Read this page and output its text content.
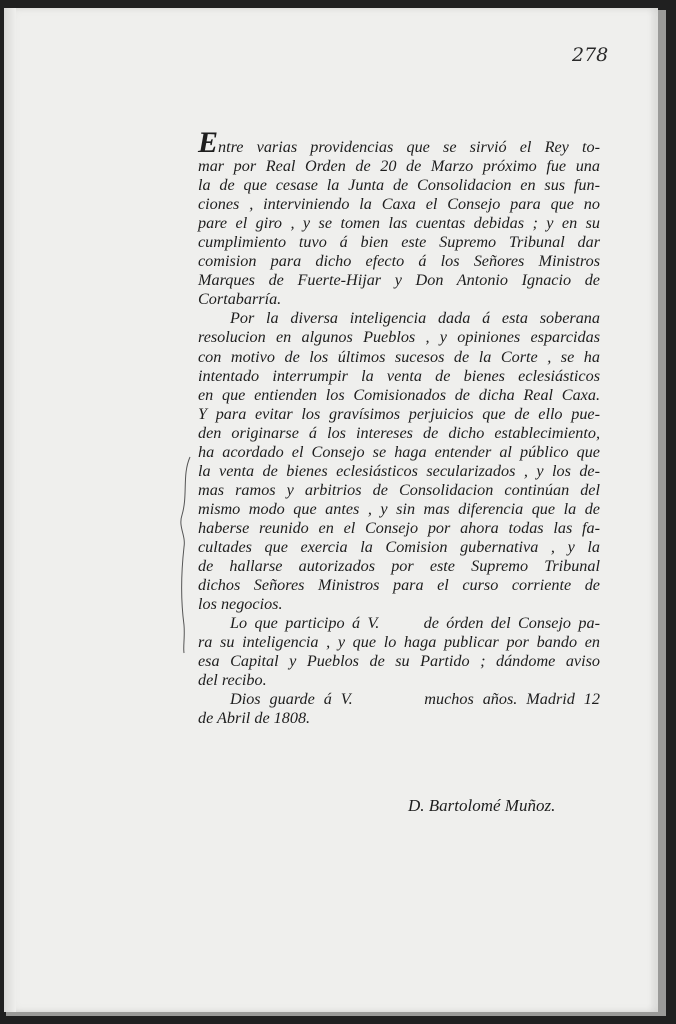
278
Entre varias providencias que se sirvió el Rey to-
mar por Real Orden de 20 de Marzo próximo fue una
la de que cesase la Junta de Consolidacion en sus fun-
ciones , interviniendo la Caxa el Consejo para que no
pare el giro , y se tomen las cuentas debidas ; y en su
cumplimiento tuvo á bien este Supremo Tribunal dar
comision para dicho efecto á los Señores Ministros
Marques de Fuerte-Hijar y Don Antonio Ignacio de
Cortabarría.
Por la diversa inteligencia dada á esta soberana
resolucion en algunos Pueblos , y opiniones esparcidas
con motivo de los últimos sucesos de la Corte , se ha
intentado interrumpir la venta de bienes eclesiásticos
en que entienden los Comisionados de dicha Real Caxa.
Y para evitar los gravísimos perjuicios que de ello pue-
den originarse á los intereses de dicho establecimiento,
ha acordado el Consejo se haga entender al público que
la venta de bienes eclesiásticos secularizados , y los de-
mas ramos y arbitrios de Consolidacion continúan del
mismo modo que antes , y sin mas diferencia que la de
haberse reunido en el Consejo por ahora todas las fa-
cultades que exercia la Comision gubernativa , y la
de hallarse autorizados por este Supremo Tribunal
dichos Señores Ministros para el curso corriente de
los negocios.
Lo que participo á V.      de órden del Consejo pa-
ra su inteligencia , y que lo haga publicar por bando en
esa Capital y Pueblos de su Partido ; dándome aviso
del recibo.
Dios guarde á V.        muchos años. Madrid 12
de Abril de 1808.
D. Bartolomé Muñoz.
